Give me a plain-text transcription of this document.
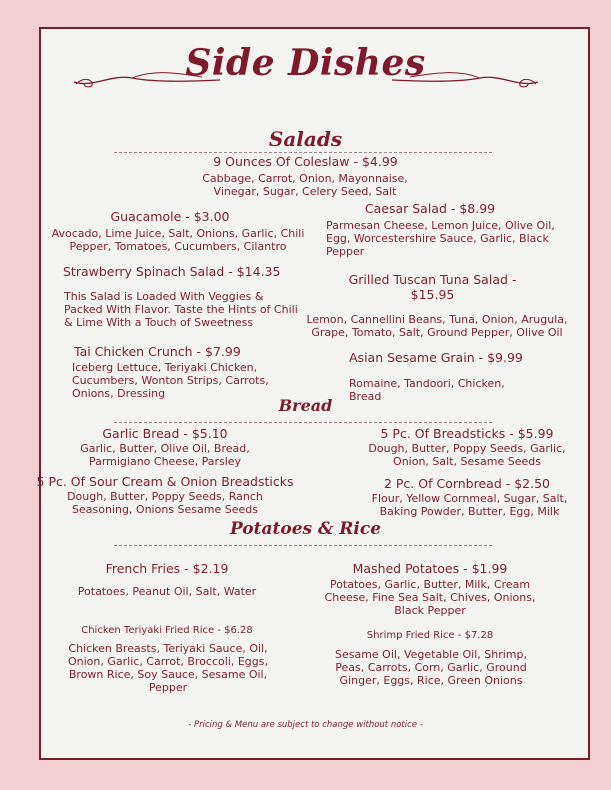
Side Dishes
Salads
9 Ounces Of Coleslaw - $4.99
Cabbage, Carrot, Onion, Mayonnaise, Vinegar, Sugar, Celery Seed, Salt
Guacamole - $3.00
Avocado, Lime Juice, Salt, Onions, Garlic, Chili Pepper, Tomatoes, Cucumbers, Cilantro
Caesar Salad - $8.99
Parmesan Cheese, Lemon Juice, Olive Oil, Egg, Worcestershire Sauce, Garlic, Black Pepper
Strawberry Spinach Salad - $14.35
This Salad is Loaded With Veggies & Packed With Flavor. Taste the Hints of Chili & Lime With a Touch of Sweetness
Grilled Tuscan Tuna Salad - $15.95
Lemon, Cannellini Beans, Tuna, Onion, Arugula, Grape, Tomato, Salt, Ground Pepper, Olive Oil
Tai Chicken Crunch - $7.99
Iceberg Lettuce, Teriyaki Chicken, Cucumbers, Wonton Strips, Carrots, Onions, Dressing
Asian Sesame Grain - $9.99
Romaine, Tandoori, Chicken, Bread
Bread
Garlic Bread - $5.10
Garlic, Butter, Olive Oil, Bread, Parmigiano Cheese, Parsley
5 Pc. Of Breadsticks - $5.99
Dough, Butter, Poppy Seeds, Garlic, Onion, Salt, Sesame Seeds
5 Pc. Of Sour Cream & Onion Breadsticks
Dough, Butter, Poppy Seeds, Ranch Seasoning, Onions Sesame Seeds
2 Pc. Of Cornbread - $2.50
Flour, Yellow Cornmeal, Sugar, Salt, Baking Powder, Butter, Egg, Milk
Potatoes & Rice
French Fries - $2.19
Potatoes, Peanut Oil, Salt, Water
Mashed Potatoes - $1.99
Potatoes, Garlic, Butter, Milk, Cream Cheese, Fine Sea Salt, Chives, Onions, Black Pepper
Chicken Teriyaki Fried Rice - $6.28
Chicken Breasts, Teriyaki Sauce, Oil, Onion, Garlic, Carrot, Broccoli, Eggs, Brown Rice, Soy Sauce, Sesame Oil, Pepper
Shrimp Fried Rice - $7.28
Sesame Oil, Vegetable Oil, Shrimp, Peas, Carrots, Corn, Garlic, Ground Ginger, Eggs, Rice, Green Onions
- Pricing & Menu are subject to change without notice -
